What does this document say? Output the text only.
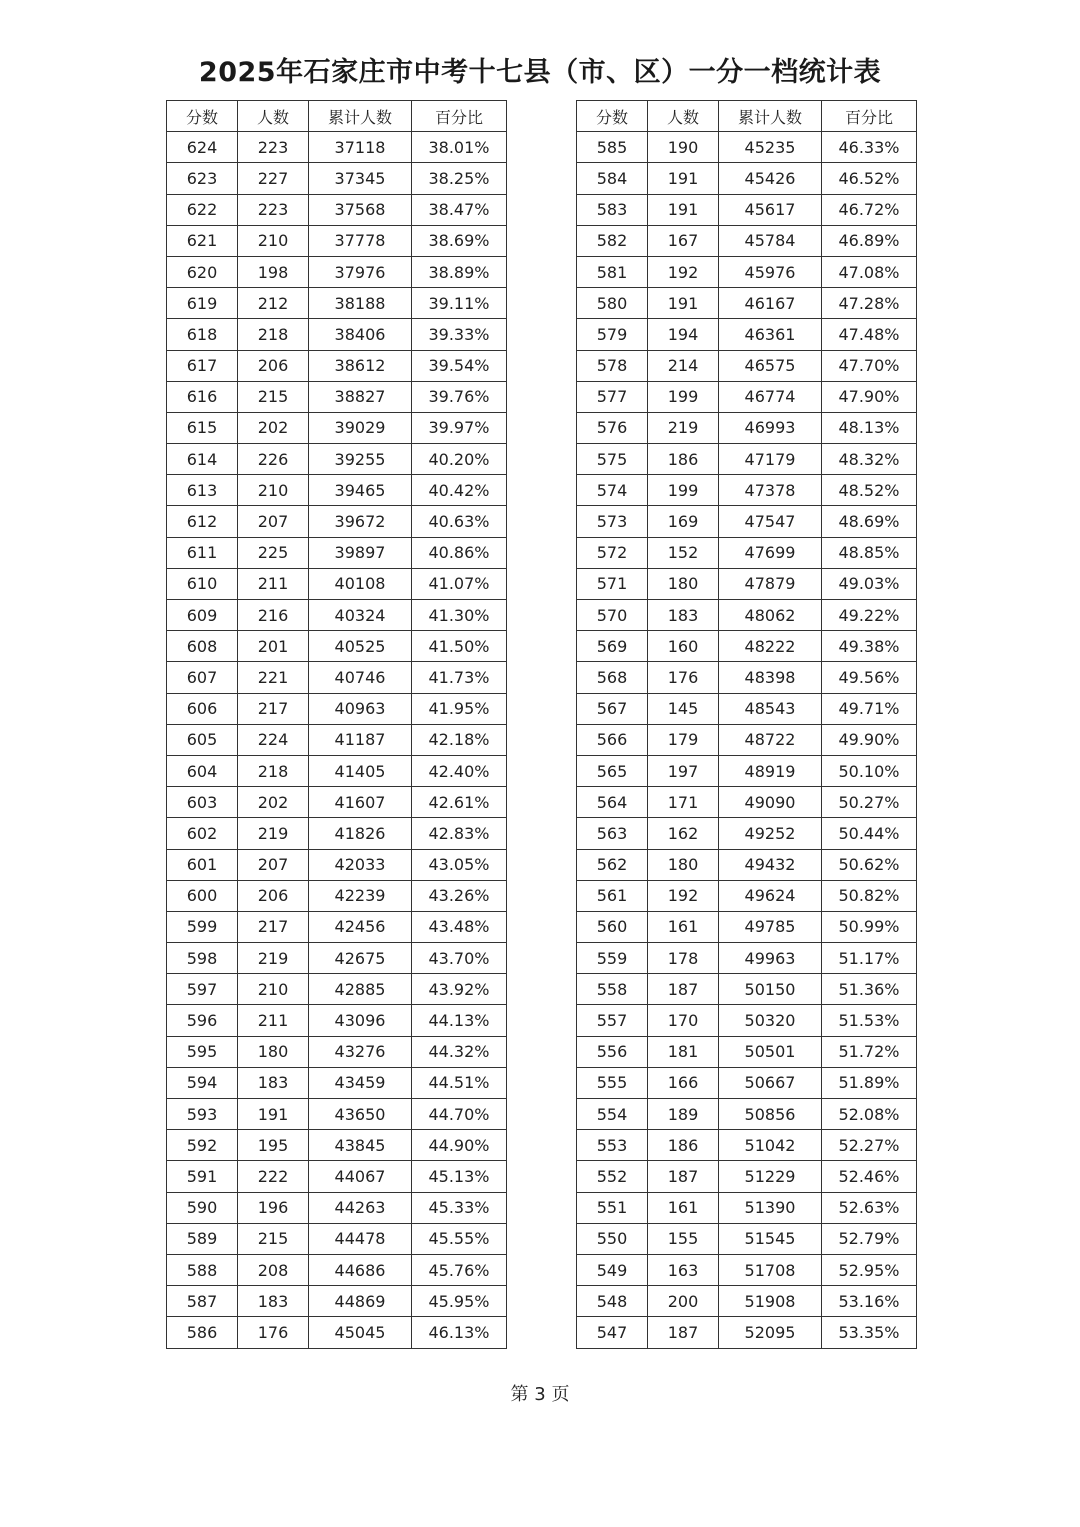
2025年石家庄市中考十七县（市、区）一分一档统计表
分数	人数	累计人数	百分比
624	223	37118	38.01%
623	227	37345	38.25%
622	223	37568	38.47%
621	210	37778	38.69%
620	198	37976	38.89%
619	212	38188	39.11%
618	218	38406	39.33%
617	206	38612	39.54%
616	215	38827	39.76%
615	202	39029	39.97%
614	226	39255	40.20%
613	210	39465	40.42%
612	207	39672	40.63%
611	225	39897	40.86%
610	211	40108	41.07%
609	216	40324	41.30%
608	201	40525	41.50%
607	221	40746	41.73%
606	217	40963	41.95%
605	224	41187	42.18%
604	218	41405	42.40%
603	202	41607	42.61%
602	219	41826	42.83%
601	207	42033	43.05%
600	206	42239	43.26%
599	217	42456	43.48%
598	219	42675	43.70%
597	210	42885	43.92%
596	211	43096	44.13%
595	180	43276	44.32%
594	183	43459	44.51%
593	191	43650	44.70%
592	195	43845	44.90%
591	222	44067	45.13%
590	196	44263	45.33%
589	215	44478	45.55%
588	208	44686	45.76%
587	183	44869	45.95%
586	176	45045	46.13%
分数	人数	累计人数	百分比
585	190	45235	46.33%
584	191	45426	46.52%
583	191	45617	46.72%
582	167	45784	46.89%
581	192	45976	47.08%
580	191	46167	47.28%
579	194	46361	47.48%
578	214	46575	47.70%
577	199	46774	47.90%
576	219	46993	48.13%
575	186	47179	48.32%
574	199	47378	48.52%
573	169	47547	48.69%
572	152	47699	48.85%
571	180	47879	49.03%
570	183	48062	49.22%
569	160	48222	49.38%
568	176	48398	49.56%
567	145	48543	49.71%
566	179	48722	49.90%
565	197	48919	50.10%
564	171	49090	50.27%
563	162	49252	50.44%
562	180	49432	50.62%
561	192	49624	50.82%
560	161	49785	50.99%
559	178	49963	51.17%
558	187	50150	51.36%
557	170	50320	51.53%
556	181	50501	51.72%
555	166	50667	51.89%
554	189	50856	52.08%
553	186	51042	52.27%
552	187	51229	52.46%
551	161	51390	52.63%
550	155	51545	52.79%
549	163	51708	52.95%
548	200	51908	53.16%
547	187	52095	53.35%
第 3 页
